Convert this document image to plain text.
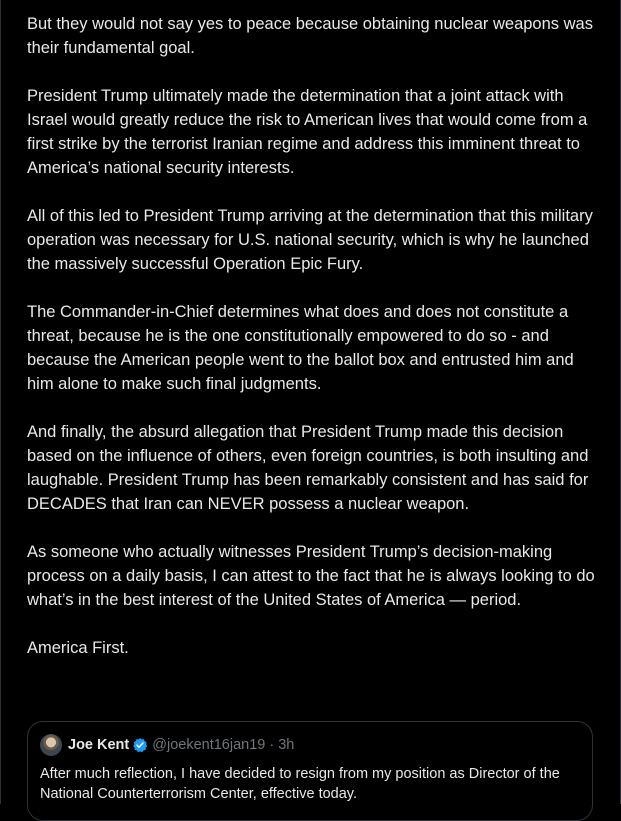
But they would not say yes to peace because obtaining nuclear weapons was their fundamental goal.

President Trump ultimately made the determination that a joint attack with Israel would greatly reduce the risk to American lives that would come from a first strike by the terrorist Iranian regime and address this imminent threat to America’s national security interests.

All of this led to President Trump arriving at the determination that this military operation was necessary for U.S. national security, which is why he launched the massively successful Operation Epic Fury.

The Commander-in-Chief determines what does and does not constitute a threat, because he is the one constitutionally empowered to do so - and because the American people went to the ballot box and entrusted him and him alone to make such final judgments.

And finally, the absurd allegation that President Trump made this decision based on the influence of others, even foreign countries, is both insulting and laughable. President Trump has been remarkably consistent and has said for DECADES that Iran can NEVER possess a nuclear weapon.

As someone who actually witnesses President Trump’s decision-making process on a daily basis, I can attest to the fact that he is always looking to do what’s in the best interest of the United States of America — period.

America First.

Joe Kent @joekent16jan19 · 3h
After much reflection, I have decided to resign from my position as Director of the National Counterterrorism Center, effective today.
